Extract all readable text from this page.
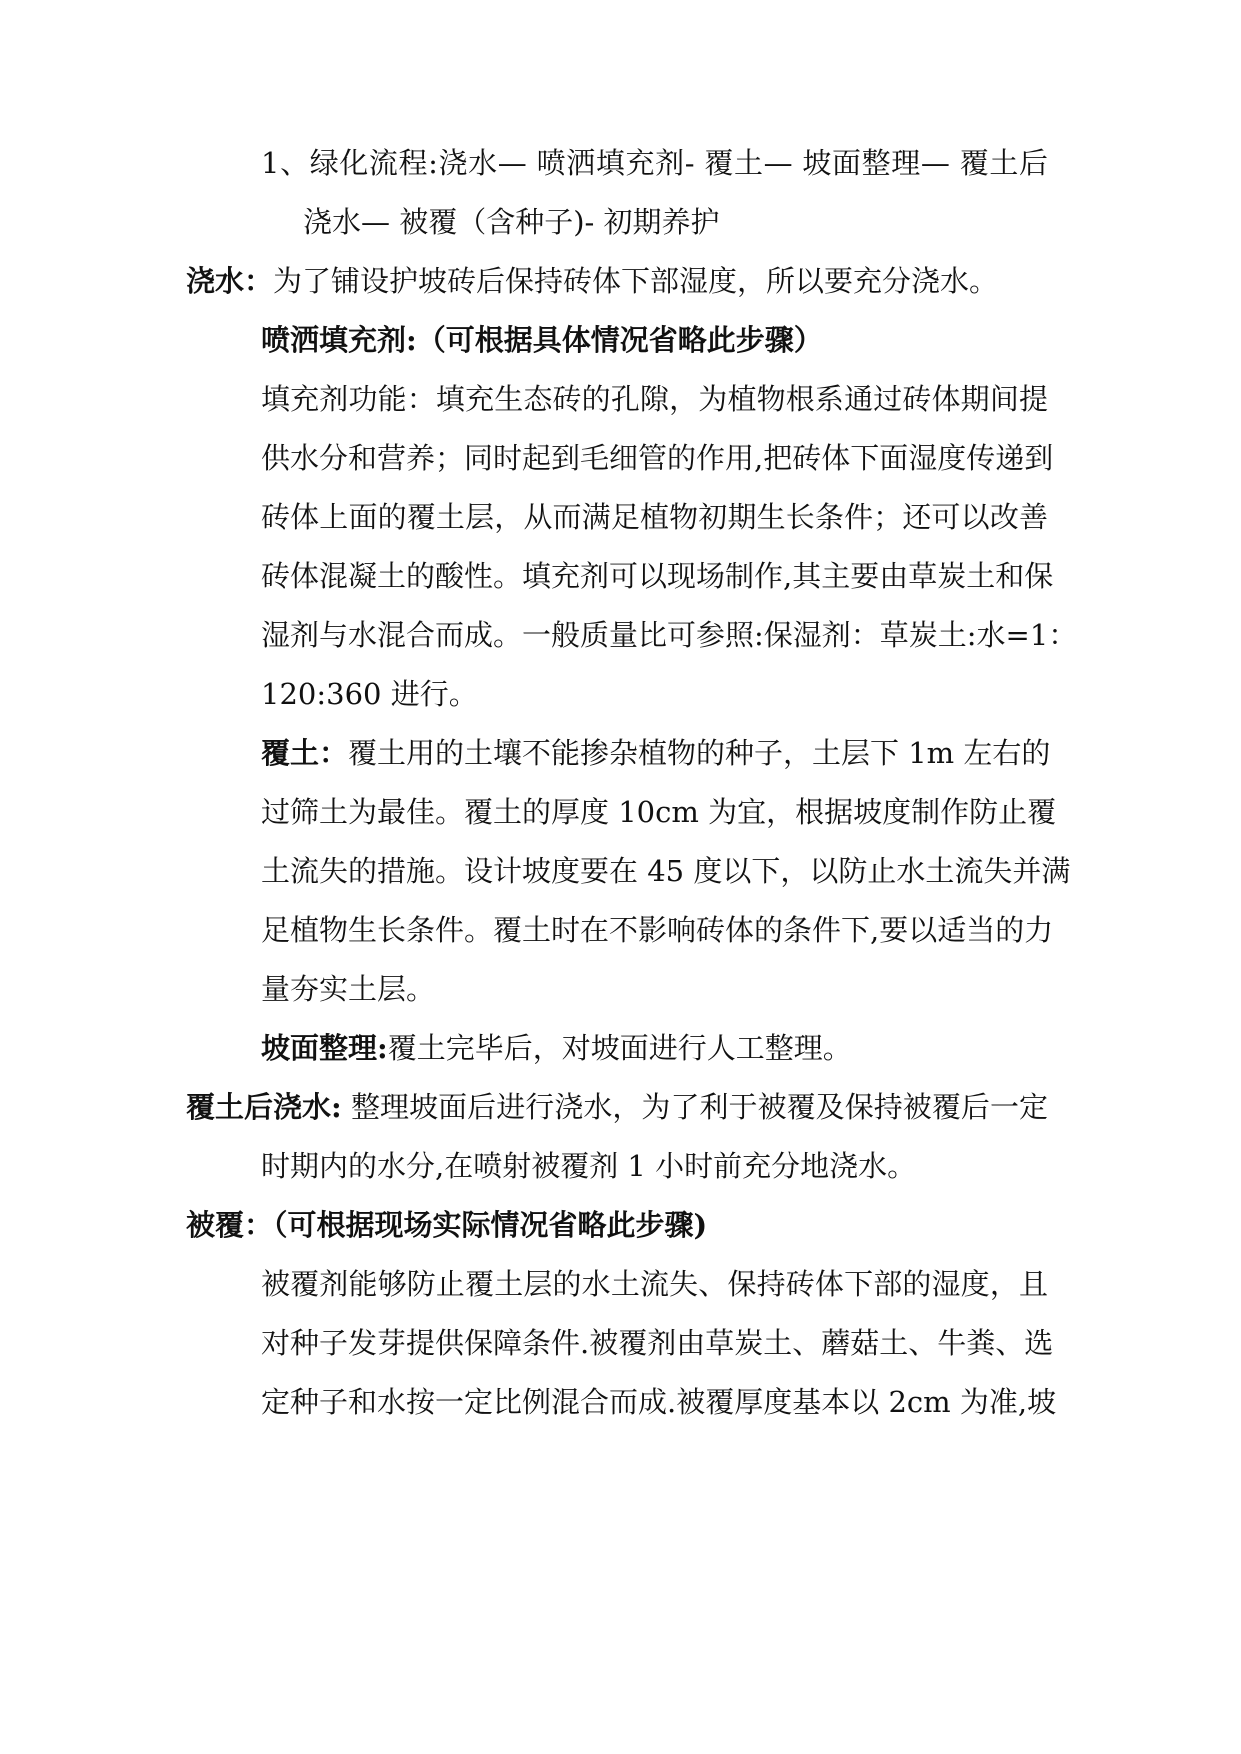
1、绿化流程:浇水— 喷洒填充剂- 覆土— 坡面整理— 覆土后
浇水— 被覆（含种子)- 初期养护
浇水：为了铺设护坡砖后保持砖体下部湿度，所以要充分浇水。
喷洒填充剂:（可根据具体情况省略此步骤）
填充剂功能：填充生态砖的孔隙，为植物根系通过砖体期间提
供水分和营养；同时起到毛细管的作用,把砖体下面湿度传递到
砖体上面的覆土层，从而满足植物初期生长条件；还可以改善
砖体混凝土的酸性。填充剂可以现场制作,其主要由草炭土和保
湿剂与水混合而成。一般质量比可参照:保湿剂：草炭土:水=1：
120:360 进行。
覆土： 覆土用的土壤不能掺杂植物的种子，土层下 1m 左右的
过筛土为最佳。覆土的厚度 10cm 为宜，根据坡度制作防止覆
土流失的措施。设计坡度要在 45 度以下，以防止水土流失并满
足植物生长条件。覆土时在不影响砖体的条件下,要以适当的力
量夯实土层。
坡面整理:覆土完毕后，对坡面进行人工整理。
覆土后浇水: 整理坡面后进行浇水，为了利于被覆及保持被覆后一定
时期内的水分,在喷射被覆剂 1 小时前充分地浇水。
被覆：（可根据现场实际情况省略此步骤)
被覆剂能够防止覆土层的水土流失、保持砖体下部的湿度，且
对种子发芽提供保障条件.被覆剂由草炭土、蘑菇土、牛粪、选
定种子和水按一定比例混合而成.被覆厚度基本以 2cm 为准,坡
